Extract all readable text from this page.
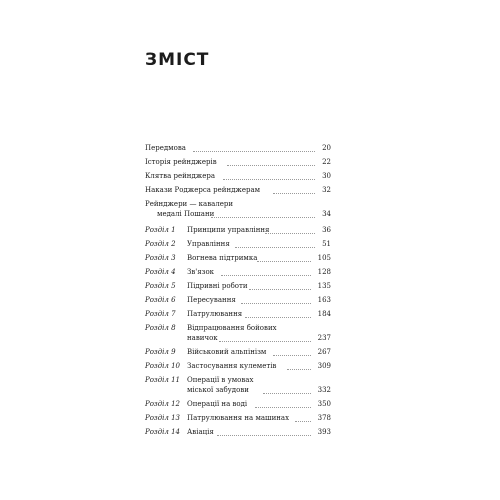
ЗМІСТ
Передмова	20
Історія рейнджерів	22
Клятва рейнджера	30
Накази Роджерса рейнджерам	32
Рейнджери — кавалери
медалі Пошани	34
Розділ 1 Принципи управління	36
Розділ 2 Управління	51
Розділ 3 Вогнева підтримка	105
Розділ 4 Зв'язок	128
Розділ 5 Підривні роботи	135
Розділ 6 Пересування	163
Розділ 7 Патрулювання	184
Розділ 8 Відпрацювання бойових
навичок	237
Розділ 9 Військовий альпінізм	267
Розділ 10 Застосування кулеметів	309
Розділ 11 Операції в умовах
міської забудови	332
Розділ 12 Операції на воді	350
Розділ 13 Патрулювання на машинах	378
Розділ 14 Авіація	393
